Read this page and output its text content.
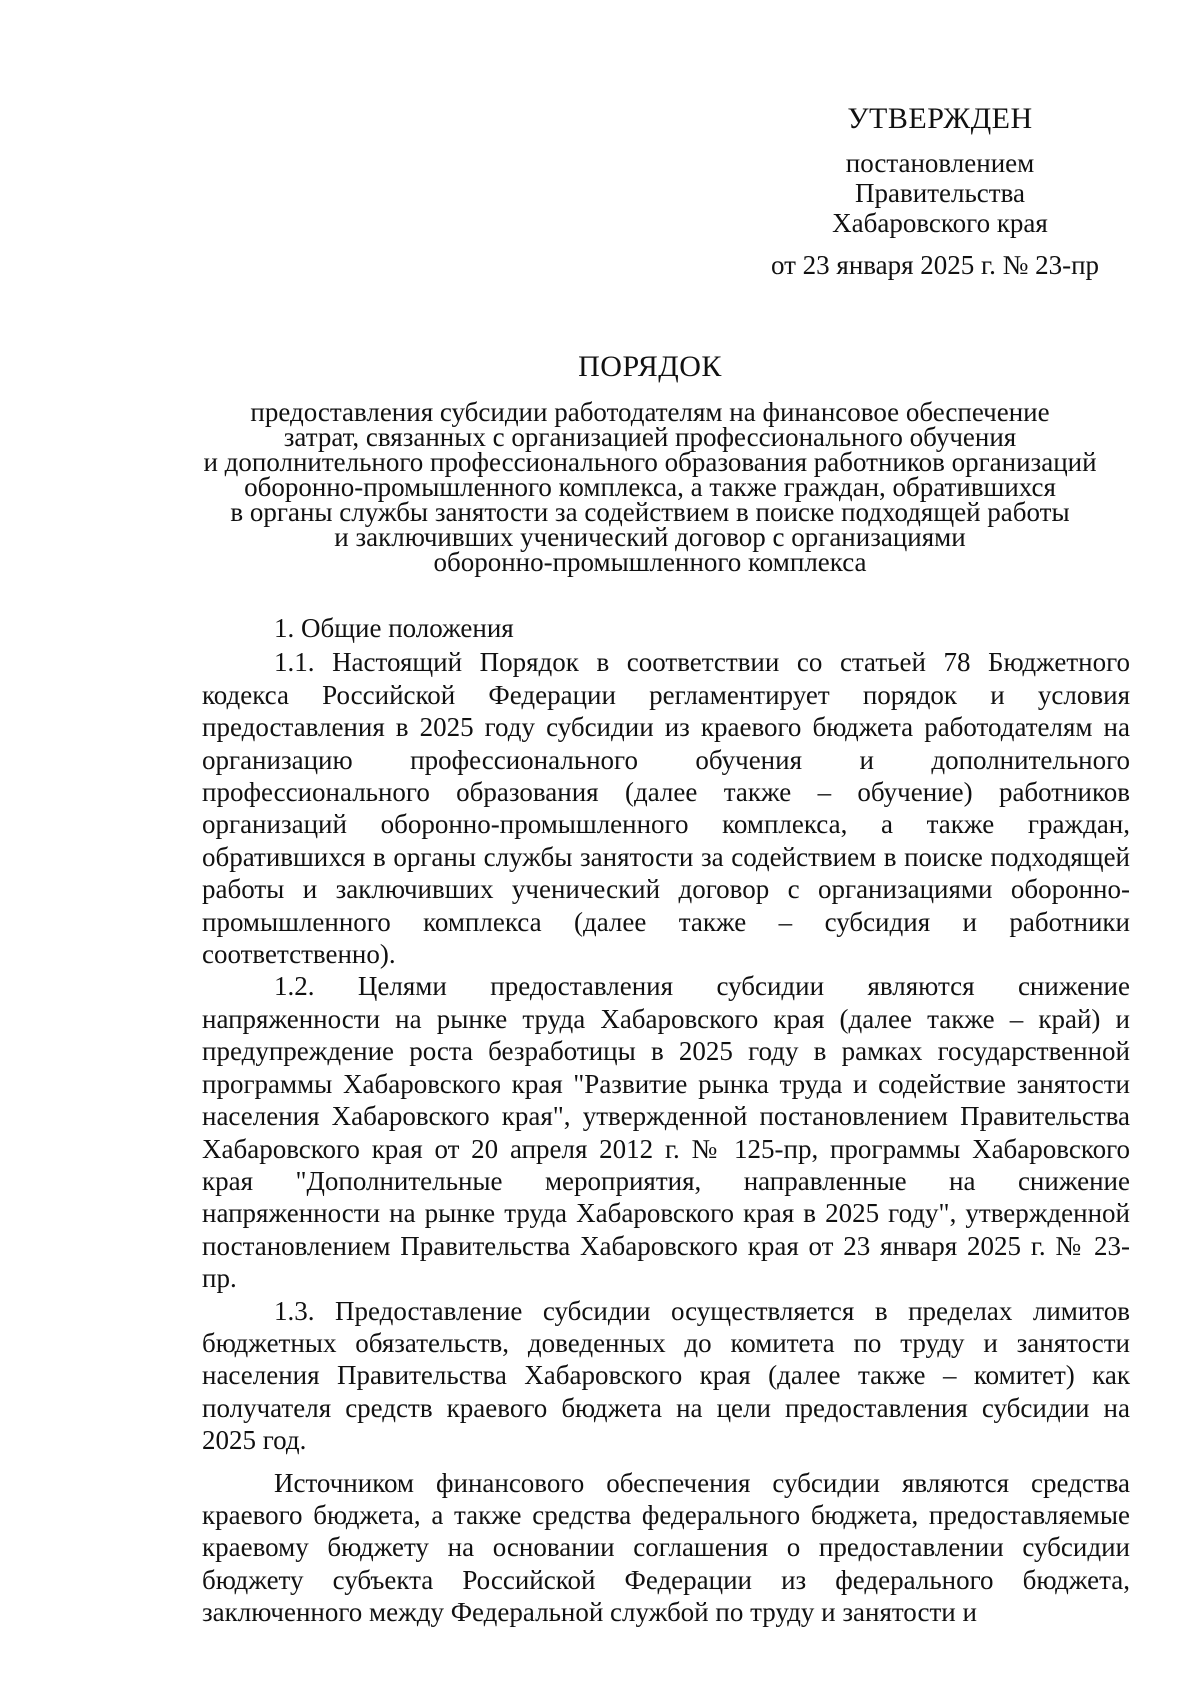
УТВЕРЖДЕН
постановлением
Правительства
Хабаровского края
от 23 января 2025 г. № 23-пр
ПОРЯДОК
предоставления субсидии работодателям на финансовое обеспечение
затрат, связанных с организацией профессионального обучения
и дополнительного профессионального образования работников организаций
оборонно-промышленного комплекса, а также граждан, обратившихся
в органы службы занятости за содействием в поиске подходящей работы
и заключивших ученический договор с организациями
оборонно-промышленного комплекса
1. Общие положения

1.1. Настоящий Порядок в соответствии со статьей 78 Бюджетного кодекса Российской Федерации регламентирует порядок и условия предоставления в 2025 году субсидии из краевого бюджета работодателям на организацию профессионального обучения и дополнительного профессионального образования (далее также – обучение) работников организаций оборонно-промышленного комплекса, а также граждан, обратившихся в органы службы занятости за содействием в поиске подходящей работы и заключивших ученический договор с организациями оборонно-промышленного комплекса (далее также – субсидия и работники соответственно).

1.2. Целями предоставления субсидии являются снижение напряженности на рынке труда Хабаровского края (далее также – край) и предупреждение роста безработицы в 2025 году в рамках государственной программы Хабаровского края "Развитие рынка труда и содействие занятости населения Хабаровского края", утвержденной постановлением Правительства Хабаровского края от 20 апреля 2012 г. № 125-пр, программы Хабаровского края "Дополнительные мероприятия, направленные на снижение напряженности на рынке труда Хабаровского края в 2025 году", утвержденной постановлением Правительства Хабаровского края от 23 января 2025 г. № 23-пр.

1.3. Предоставление субсидии осуществляется в пределах лимитов бюджетных обязательств, доведенных до комитета по труду и занятости населения Правительства Хабаровского края (далее также – комитет) как получателя средств краевого бюджета на цели предоставления субсидии на 2025 год.

Источником финансового обеспечения субсидии являются средства краевого бюджета, а также средства федерального бюджета, предоставляемые краевому бюджету на основании соглашения о предоставлении субсидии бюджету субъекта Российской Федерации из федерального бюджета, заключенного между Федеральной службой по труду и занятости и
